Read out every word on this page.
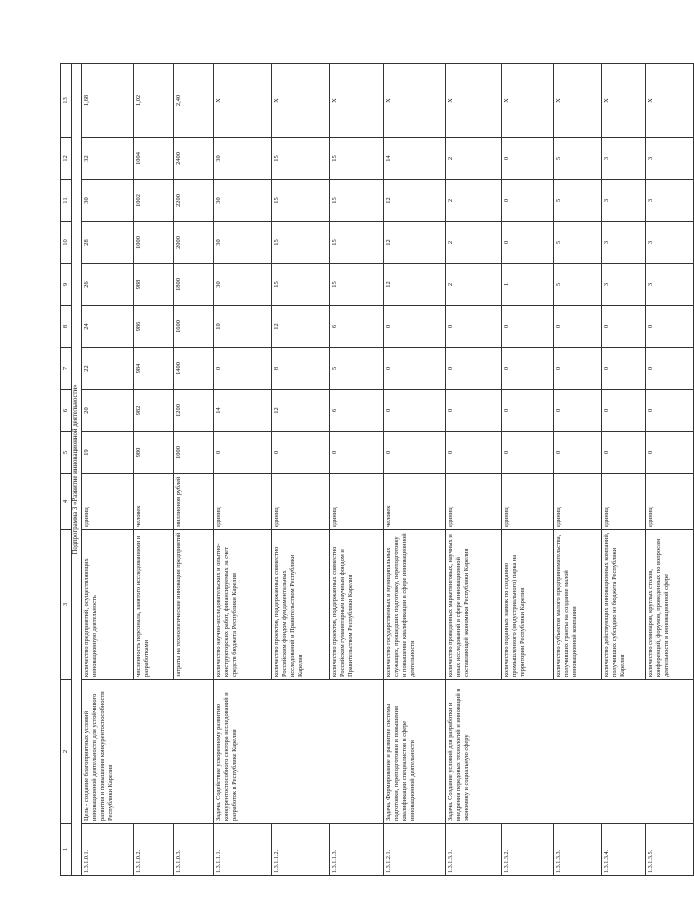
1	2	3	4	5	6	7	8	9	10	11	12	13
Подпрограмма 3 «Развитие инновационной деятельности»												
1.3.1.0.1.	Цель - создание благоприятных условий инновационной деятельности для устойчивого развития и повышения конкурентоспособности Республики Карелия	количество предприятий, осуществляющих инновационную деятельность	единиц	19	20	22	24	26	28	30	32	1,68
1.3.1.0.2.		численность персонала, занятого исследованиями и разработками	человек	980	982	984	986	988	1000	1002	1004	1,02
1.3.1.0.3.		затраты на технологические инновации предприятий	миллионов рублей	1000	1200	1400	1600	1800	2000	2200	2400	2,40
1.3.1.1.1.	Задача. Содействие ускоренному развитию конкурентоспособного сектора исследований и разработок в Республике Карелия	количество научно-исследовательских и опытно-конструкторских работ, финансируемых за счет средств бюджета Республики Карелия	единиц	0	14	0	10	30	30	30	30	X
1.3.1.1.2.		количество проектов, поддержанных совместно Российским фондом фундаментальных исследований и Правительством Республики Карелия	единиц	0	12	8	12	15	15	15	15	X
1.3.1.1.3.		количество проектов, поддержанных совместно Российским гуманитарным научным фондом и Правительством Республики Карелия	единиц	0	6	5	6	15	15	15	15	X
1.3.1.2.1.	Задача. Формирование и развитие системы подготовки, переподготовки и повышения квалификации специалистов в сфере инновационной деятельности	количество государственных и муниципальных служащих, прошедших подготовку, переподготовку и повышение квалификации в сфере инновационной деятельности	человек	0	0	0	0	12	12	12	14	X
1.3.1.3.1.	Задача. Создание условий для разработки и внедрения передовых технологий и инноваций в экономику и социальную сферу	количество проведенных маркетинговых, научных и иных исследований в сфере инновационной составляющей экономики Республики Карелия	единиц	0	0	0	0	2	2	2	2	X
1.3.1.3.2.		количество поданных заявок по созданию промышленного (индустриального) парка на территории Республики Карелия	единиц	0	0	0	0	1	0	0	0	X
1.3.1.3.3.		количество субъектов малого предпринимательства, получивших гранты на создание малой инновационной компании	единиц	0	0	0	0	5	5	5	5	X
1.3.1.3.4.		количество действующих инновационных компаний, получивших субсидию из бюджета Республики Карелия	единиц	0	0	0	0	3	3	3	3	X
1.3.1.3.5.		количество семинаров, круглых столов, конференций, форумов, проведенных по вопросам деятельности в инновационной сфере	единиц	0	0	0	0	3	3	3	3	X
